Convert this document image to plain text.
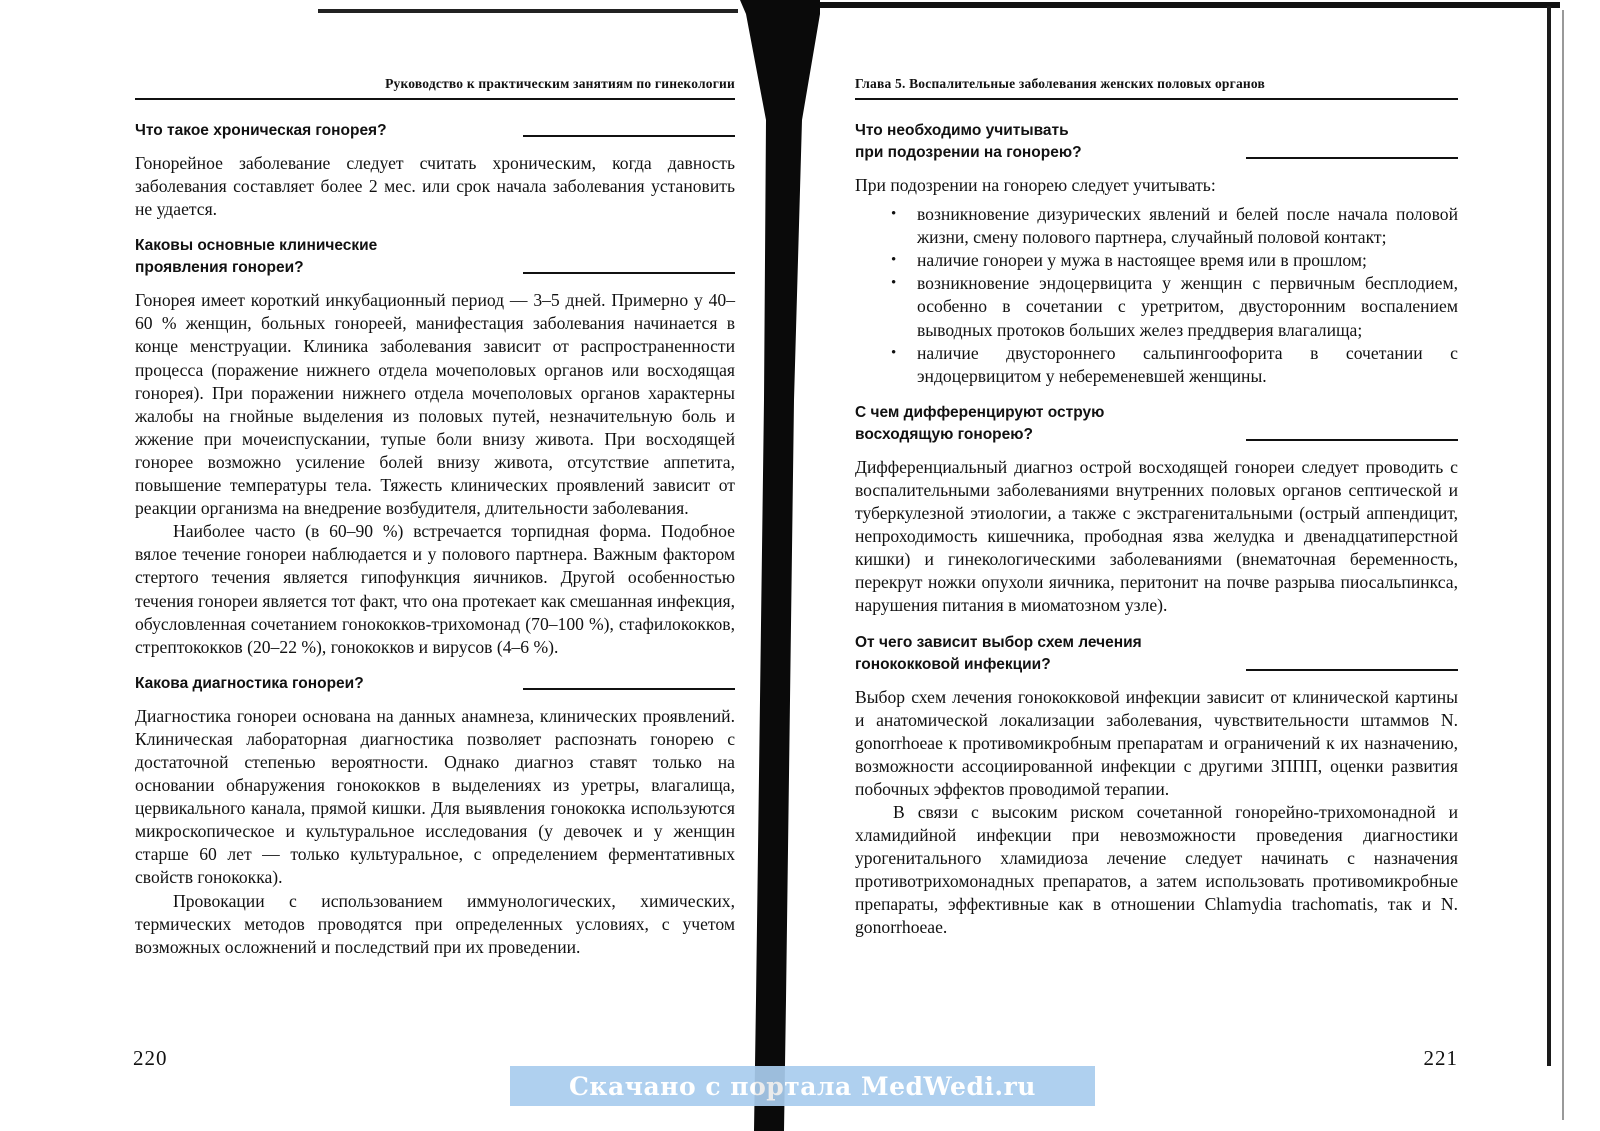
Руководство к практическим занятиям по гинекологии
Что такое хроническая гонорея?

Гонорейное заболевание следует считать хроническим, когда давность заболевания составляет более 2 мес. или срок начала заболевания установить не удается.

Каковы основные клинические
проявления гонореи?

Гонорея имеет короткий инкубационный период — 3–5 дней. Примерно у 40–60 % женщин, больных гонореей, манифестация заболевания начинается в конце менструации. Клиника заболевания зависит от распространенности процесса (поражение нижнего отдела мочеполовых органов или восходящая гонорея). При поражении нижнего отдела мочеполовых органов характерны жалобы на гнойные выделения из половых путей, незначительную боль и жжение при мочеиспускании, тупые боли внизу живота. При восходящей гонорее возможно усиление болей внизу живота, отсутствие аппетита, повышение температуры тела. Тяжесть клинических проявлений зависит от реакции организма на внедрение возбудителя, длительности заболевания.

Наиболее часто (в 60–90 %) встречается торпидная форма. Подобное вялое течение гонореи наблюдается и у полового партнера. Важным фактором стертого течения является гипофункция яичников. Другой особенностью течения гонореи является тот факт, что она протекает как смешанная инфекция, обусловленная сочетанием гонококков-трихомонад (70–100 %), стафилококков, стрептококков (20–22 %), гонококков и вирусов (4–6 %).

Какова диагностика гонореи?

Диагностика гонореи основана на данных анамнеза, клинических проявлений. Клиническая лабораторная диагностика позволяет распознать гонорею с достаточной степенью вероятности. Однако диагноз ставят только на основании обнаружения гонококков в выделениях из уретры, влагалища, цервикального канала, прямой кишки. Для выявления гонококка используются микроскопическое и культуральное исследования (у девочек и у женщин старше 60 лет — только культуральное, с определением ферментативных свойств гонококка).

Провокации с использованием иммунологических, химических, термических методов проводятся при определенных условиях, с учетом возможных осложнений и последствий при их проведении.

220
Глава 5. Воспалительные заболевания женских половых органов
Что необходимо учитывать
при подозрении на гонорею?

При подозрении на гонорею следует учитывать:

• возникновение дизурических явлений и белей после начала половой жизни, смену полового партнера, случайный половой контакт;
• наличие гонореи у мужа в настоящее время или в прошлом;
• возникновение эндоцервицита у женщин с первичным бесплодием, особенно в сочетании с уретритом, двусторонним воспалением выводных протоков больших желез преддверия влагалища;
• наличие двустороннего сальпингоофорита в сочетании с эндоцервицитом у небеременевшей женщины.
С чем дифференцируют острую
восходящую гонорею?

Дифференциальный диагноз острой восходящей гонореи следует проводить с воспалительными заболеваниями внутренних половых органов септической и туберкулезной этиологии, а также с экстрагенитальными (острый аппендицит, непроходимость кишечника, прободная язва желудка и двенадцатиперстной кишки) и гинекологическими заболеваниями (внематочная беременность, перекрут ножки опухоли яичника, перитонит на почве разрыва пиосальпинкса, нарушения питания в миоматозном узле).

От чего зависит выбор схем лечения
гонококковой инфекции?

Выбор схем лечения гонококковой инфекции зависит от клинической картины и анатомической локализации заболевания, чувствительности штаммов N. gonorrhoeae к противомикробным препаратам и ограничений к их назначению, возможности ассоциированной инфекции с другими ЗППП, оценки развития побочных эффектов проводимой терапии.

В связи с высоким риском сочетанной гонорейно-трихомонадной и хламидийной инфекции при невозможности проведения диагностики урогенитального хламидиоза лечение следует начинать с назначения противотрихомонадных препаратов, а затем использовать противомикробные препараты, эффективные как в отношении Chlamydia trachomatis, так и N. gonorrhoeae.

221
Скачано с портала MedWedi.ru
